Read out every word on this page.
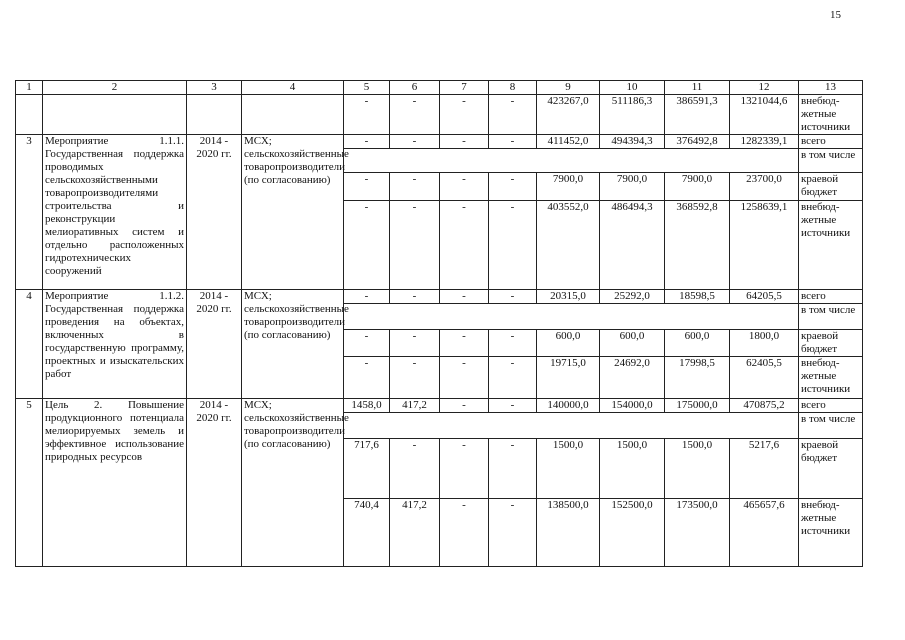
15
1	2	3	4	5	6	7	8	9	10	11	12	13
				-	-	-	-	423267,0	511186,3	386591,3	1321044,6	внебюд-жетные источники
3	Мероприятие 1.1.1. Государственная поддержка проводимых сельскохозяйственными товаропроизводителями строительства и реконструкции мелиоративных систем и отдельно расположенных гидротехнических сооружений	2014 - 2020 гг.	МСХ; сельскохозяйственные товаропроизводители (по согласованию)	-	-	-	-	411452,0	494394,3	376492,8	1282339,1	всего
												в том числе
				-	-	-	-	7900,0	7900,0	7900,0	23700,0	краевой бюджет
				-	-	-	-	403552,0	486494,3	368592,8	1258639,1	внебюд-жетные источники
4	Мероприятие 1.1.2. Государственная поддержка проведения на объектах, включенных в государственную программу, проектных и изыскательских работ	2014 - 2020 гг.	МСХ; сельскохозяйственные товаропроизводители (по согласованию)	-	-	-	-	20315,0	25292,0	18598,5	64205,5	всего
												в том числе
				-	-	-	-	600,0	600,0	600,0	1800,0	краевой бюджет
				-	-	-	-	19715,0	24692,0	17998,5	62405,5	внебюд-жетные источники
5	Цель 2. Повышение продукционного потенциала мелиорируемых земель и эффективное использование природных ресурсов	2014 - 2020 гг.	МСХ; сельскохозяйственные товаропроизводители (по согласованию)	1458,0	417,2	-	-	140000,0	154000,0	175000,0	470875,2	всего
												в том числе
				717,6	-	-	-	1500,0	1500,0	1500,0	5217,6	краевой бюджет
				740,4	417,2	-	-	138500,0	152500,0	173500,0	465657,6	внебюд-жетные источники
